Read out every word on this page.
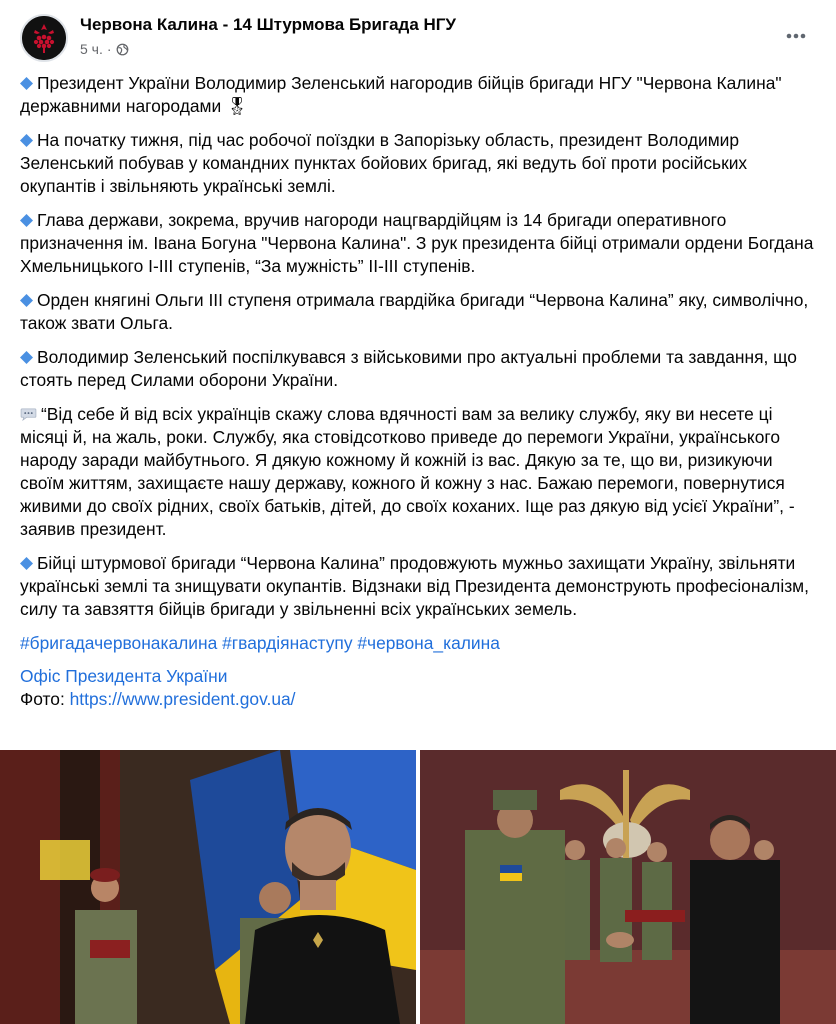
Червона Калина - 14 Штурмова Бригада НГУ
5 ч. ·

Президент України Володимир Зеленський нагородив бійців бригади НГУ "Червона Калина" державними нагородами 🎖

На початку тижня, під час робочої поїздки в Запорізьку область, президент Володимир Зеленський побував у командних пунктах бойових бригад, які ведуть бої проти російських окупантів і звільняють українські землі.

Глава держави, зокрема, вручив нагороди нацгвардійцям із 14 бригади оперативного призначення ім. Івана Богуна "Червона Калина". З рук президента бійці отримали ордени Богдана Хмельницького I-III ступенів, “За мужність” II-III ступенів.

Орден княгині Ольги III ступеня отримала гвардійка бригади “Червона Калина” яку, символічно, також звати Ольга.

Володимир Зеленський поспілкувався з військовими про актуальні проблеми та завдання, що стоять перед Силами оборони України.

“Від себе й від всіх українців скажу слова вдячності вам за велику службу, яку ви несете ці місяці й, на жаль, роки. Службу, яка стовідсотково приведе до перемоги України, українського народу заради майбутнього. Я дякую кожному й кожній із вас. Дякую за те, що ви, ризикуючи своїм життям, захищаєте нашу державу, кожного й кожну з нас. Бажаю перемоги, повернутися живими до своїх рідних, своїх батьків, дітей, до своїх коханих. Іще раз дякую від усієї України”, - заявив президент.

Бійці штурмової бригади “Червона Калина” продовжують мужньо захищати Україну, звільняти українські землі та знищувати окупантів. Відзнаки від Президента демонструють професіоналізм, силу та завзяття бійців бригади у звільненні всіх українських земель.

#бригадачервонакалина #гвардіянаступу #червона_калина

Офіс Президента України
Фото: https://www.president.gov.ua/
